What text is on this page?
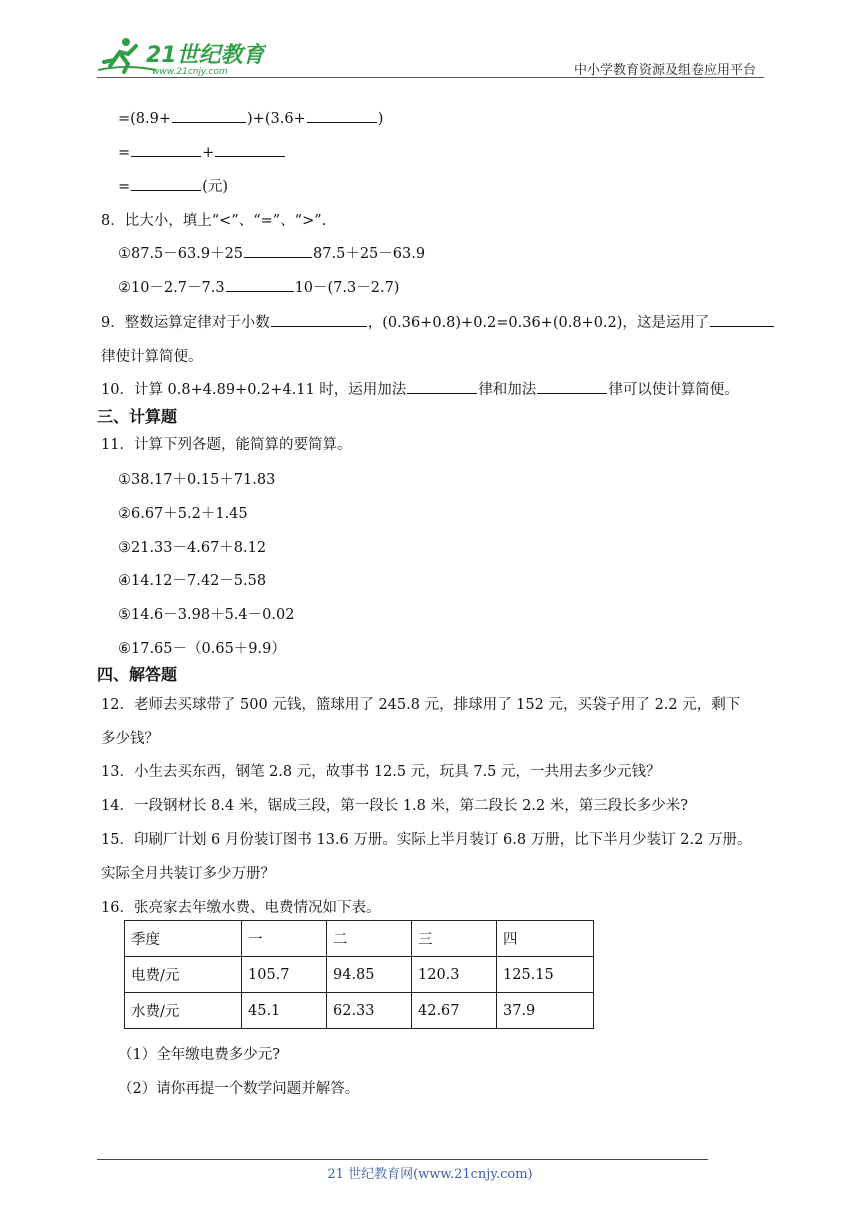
21世纪教育
www.21cnjy.com	中小学教育资源及组卷应用平台
=(8.9+	)+(3.6+	)
=	+
=	(元)
8．比大小，填上“<”、“=”、“>”.
①87.5－63.9＋25	87.5＋25－63.9
②10－2.7－7.3	10－(7.3－2.7)
9．整数运算定律对于小数	，(0.36+0.8)+0.2=0.36+(0.8+0.2)，这是运用了
律使计算简便。
10．计算 0.8+4.89+0.2+4.11 时，运用加法	律和加法	律可以使计算简便。
三、计算题
11．计算下列各题，能简算的要简算。
①38.17＋0.15＋71.83
②6.67＋5.2＋1.45
③21.33－4.67＋8.12
④14.12－7.42－5.58
⑤14.6－3.98＋5.4－0.02
⑥17.65－（0.65＋9.9）
四、解答题
12．老师去买球带了 500 元钱，篮球用了 245.8 元，排球用了 152 元，买袋子用了 2.2 元，剩下
多少钱？
13．小生去买东西，钢笔 2.8 元，故事书 12.5 元，玩具 7.5 元，一共用去多少元钱？
14．一段钢材长 8.4 米，锯成三段，第一段长 1.8 米，第二段长 2.2 米，第三段长多少米?
15．印刷厂计划 6 月份装订图书 13.6 万册。实际上半月装订 6.8 万册，比下半月少装订 2.2 万册。
实际全月共装订多少万册？
16．张亮家去年缴水费、电费情况如下表。
季度	一	二	三	四
电费/元	105.7	94.85	120.3	125.15
水费/元	45.1	62.33	42.67	37.9
（1）全年缴电费多少元?
（2）请你再提一个数学问题并解答。
21 世纪教育网(www.21cnjy.com)
